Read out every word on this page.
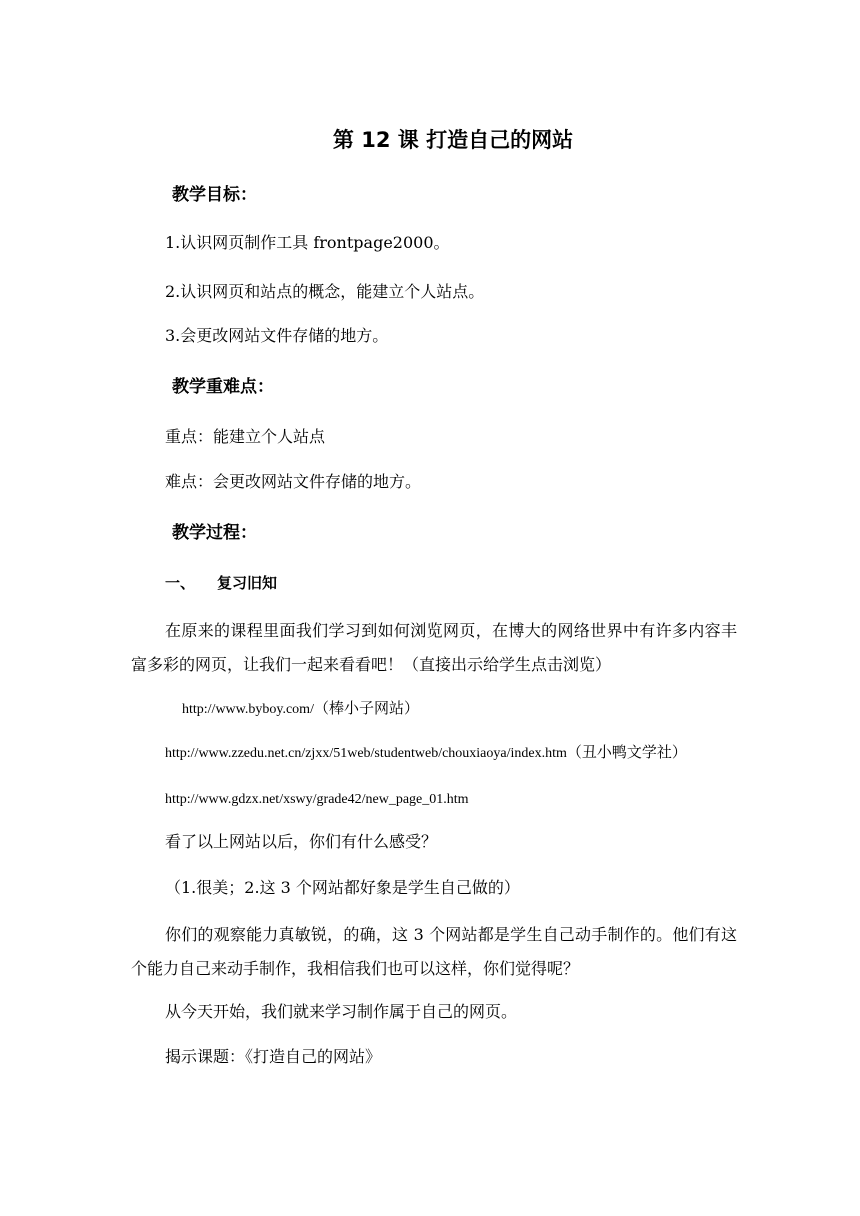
第 12 课 打造自己的网站
教学目标：
1.认识网页制作工具 frontpage2000。
2.认识网页和站点的概念，能建立个人站点。
3.会更改网站文件存储的地方。
教学重难点：
重点：能建立个人站点
难点：会更改网站文件存储的地方。
教学过程：
一、 复习旧知
在原来的课程里面我们学习到如何浏览网页，在博大的网络世界中有许多内容丰富多彩的网页，让我们一起来看看吧！（直接出示给学生点击浏览）
http://www.byboy.com/（棒小子网站）
http://www.zzedu.net.cn/zjxx/51web/studentweb/chouxiaoya/index.htm（丑小鸭文学社）
http://www.gdzx.net/xswy/grade42/new_page_01.htm
看了以上网站以后，你们有什么感受？
（1.很美；2.这 3 个网站都好象是学生自己做的）
你们的观察能力真敏锐，的确，这 3 个网站都是学生自己动手制作的。他们有这个能力自己来动手制作，我相信我们也可以这样，你们觉得呢？
从今天开始，我们就来学习制作属于自己的网页。
揭示课题：《打造自己的网站》
